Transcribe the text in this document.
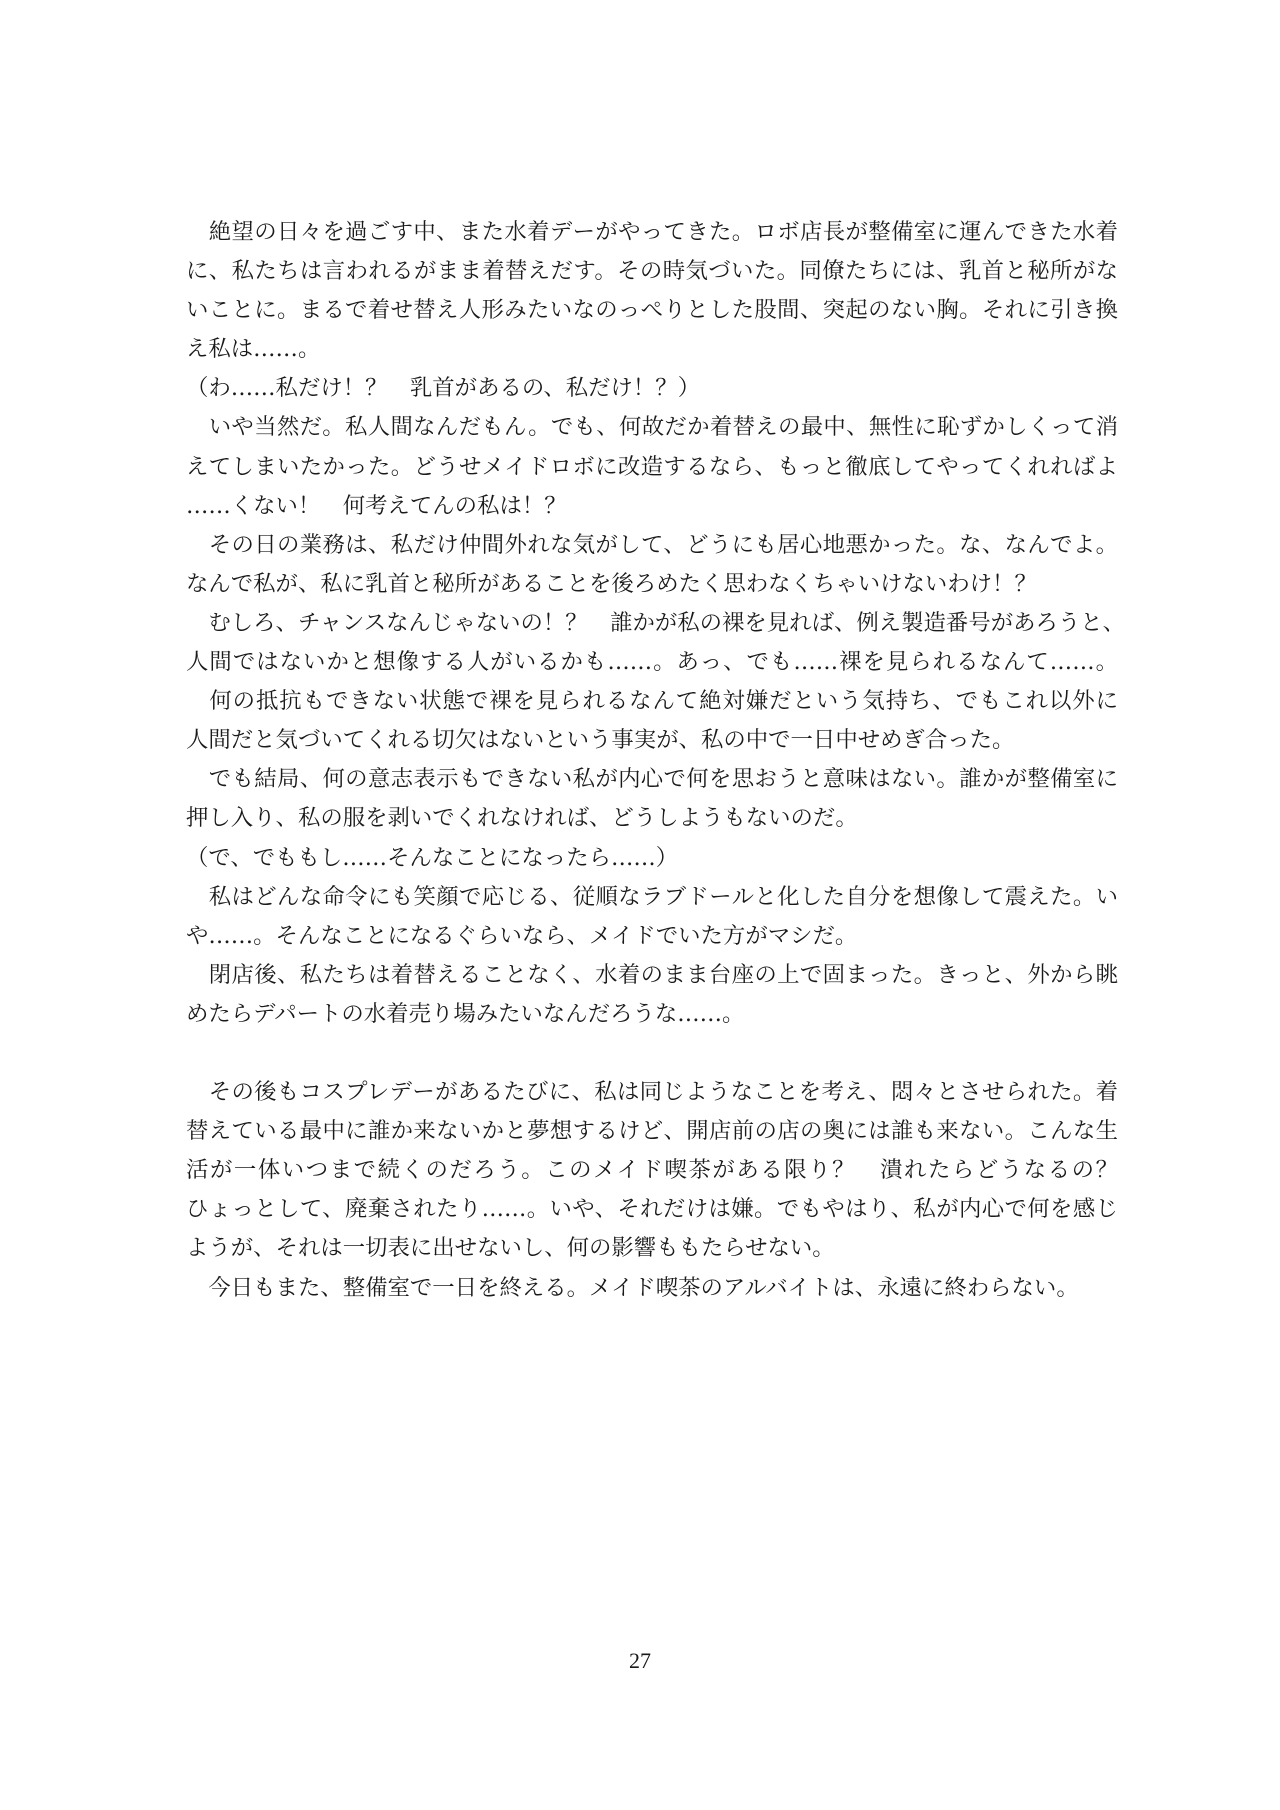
　絶望の日々を過ごす中、また水着デーがやってきた。ロボ店長が整備室に運んできた水着
に、私たちは言われるがまま着替えだす。その時気づいた。同僚たちには、乳首と秘所がな
いことに。まるで着せ替え人形みたいなのっぺりとした股間、突起のない胸。それに引き換
え私は……。
（わ……私だけ！？　乳首があるの、私だけ！？）
　いや当然だ。私人間なんだもん。でも、何故だか着替えの最中、無性に恥ずかしくって消
えてしまいたかった。どうせメイドロボに改造するなら、もっと徹底してやってくれればよ
……くない！　何考えてんの私は！？
　その日の業務は、私だけ仲間外れな気がして、どうにも居心地悪かった。な、なんでよ。
なんで私が、私に乳首と秘所があることを後ろめたく思わなくちゃいけないわけ！？
　むしろ、チャンスなんじゃないの！？　誰かが私の裸を見れば、例え製造番号があろうと、
人間ではないかと想像する人がいるかも……。あっ、でも……裸を見られるなんて……。
　何の抵抗もできない状態で裸を見られるなんて絶対嫌だという気持ち、でもこれ以外に
人間だと気づいてくれる切欠はないという事実が、私の中で一日中せめぎ合った。
　でも結局、何の意志表示もできない私が内心で何を思おうと意味はない。誰かが整備室に
押し入り、私の服を剥いでくれなければ、どうしようもないのだ。
（で、でももし……そんなことになったら……）
　私はどんな命令にも笑顔で応じる、従順なラブドールと化した自分を想像して震えた。い
や……。そんなことになるぐらいなら、メイドでいた方がマシだ。
　閉店後、私たちは着替えることなく、水着のまま台座の上で固まった。きっと、外から眺
めたらデパートの水着売り場みたいなんだろうな……。
　その後もコスプレデーがあるたびに、私は同じようなことを考え、悶々とさせられた。着
替えている最中に誰か来ないかと夢想するけど、開店前の店の奥には誰も来ない。こんな生
活が一体いつまで続くのだろう。このメイド喫茶がある限り？　潰れたらどうなるの？
ひょっとして、廃棄されたり……。いや、それだけは嫌。でもやはり、私が内心で何を感じ
ようが、それは一切表に出せないし、何の影響ももたらせない。
　今日もまた、整備室で一日を終える。メイド喫茶のアルバイトは、永遠に終わらない。
27
